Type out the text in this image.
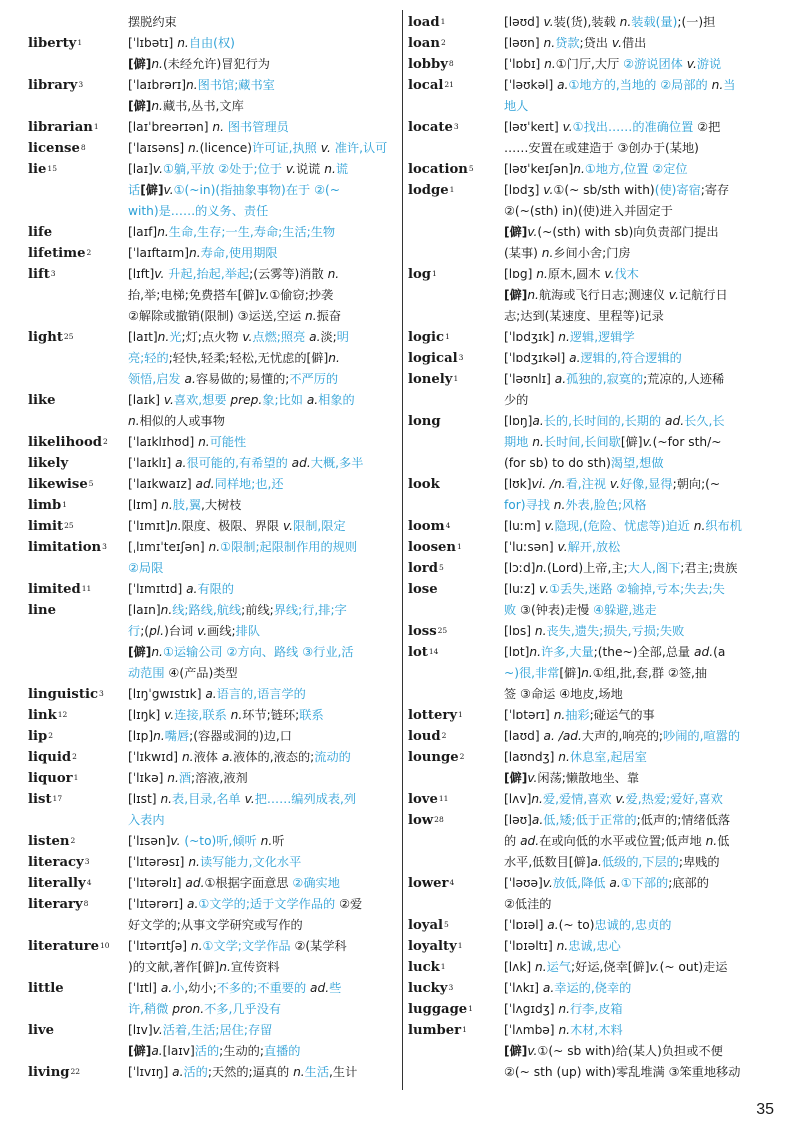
摆脱约束

liberty$^1$	[ˈlɪbətɪ] n.自由(权)

[僻]n.(未经允许)冒犯行为

library$^3$	[ˈlaɪbrərɪ]n.图书馆;藏书室

[僻]n.藏书,丛书,文库

librarian$^1$	[laɪˈbreərɪən] n. 图书管理员

license$^8$	[ˈlaɪsəns] n.(licence)许可证,执照 v. 准许,认可

lie$^{15}$	[laɪ]v.①躺,平放 ②处于;位于 v.说谎 n.谎

话[僻]v.①(~in)(指抽象事物)在于 ②(~

with)是……的义务、责任

life	[laɪf]n.生命,生存;一生,寿命;生活;生物

lifetime$^2$	[ˈlaɪftaɪm]n.寿命,使用期限

lift$^3$	[lɪft]v. 升起,抬起,举起;(云雾等)消散 n.

抬,举;电梯;免费搭车[僻]v.①偷窃;抄袭

②解除或撤销(限制) ③运送,空运 n.振奋

light$^{25}$	[laɪt]n.光;灯;点火物 v.点燃;照亮 a.淡;明

亮;轻的;轻快,轻柔;轻松,无忧虑的[僻]n.

领悟,启发 a.容易做的;易懂的;不严厉的

like	[laɪk] v.喜欢,想要 prep.象;比如 a.相象的

n.相似的人或事物

likelihood$^2$	[ˈlaɪklɪhʊd] n.可能性

likely	[ˈlaɪklɪ] a.很可能的,有希望的 ad.大概,多半

likewise$^5$	[ˈlaɪkwaɪz] ad.同样地;也,还

limb$^1$	[lɪm] n.肢,翼,大树枝

limit$^{25}$	[ˈlɪmɪt]n.限度、极限、界限 v.限制,限定

limitation$^3$	[ˌlɪmɪˈteɪʃən] n.①限制;起限制作用的规则

②局限

limited$^{11}$	[ˈlɪmɪtɪd] a.有限的

line	[laɪn]n.线;路线,航线;前线;界线;行,排;字

行;(pl.)台词 v.画线;排队

[僻]n.①运输公司 ②方向、路线 ③行业,活

动范围 ④(产品)类型

linguistic$^3$	[lɪŋˈgwɪstɪk] a.语言的,语言学的

link$^{12}$	[lɪŋk] v.连接,联系 n.环节;链环;联系

lip$^2$	[lɪp]n.嘴唇;(容器或洞的)边,口

liquid$^2$	[ˈlɪkwɪd] n.液体 a.液体的,液态的;流动的

liquor$^1$	[ˈlɪkə] n.酒;溶液,液剂

list$^{17}$	[lɪst] n.表,目录,名单 v.把……编列成表,列

入表内

listen$^2$	[ˈlɪsən]v. (~to)听,倾听 n.听

literacy$^3$	[ˈlɪtərəsɪ] n.读写能力,文化水平

literally$^4$	[ˈlɪtərəlɪ] ad.①根据字面意思 ②确实地

literary$^8$	[ˈlɪtərərɪ] a.①文学的;适于文学作品的 ②爱

好文学的;从事文学研究或写作的

literature$^{10}$	[ˈlɪtərɪtʃə] n.①文学;文学作品 ②(某学科

)的文献,著作[僻]n.宣传资料

little	[ˈlɪtl] a.小,幼小;不多的;不重要的 ad.些

许,稍微 pron.不多,几乎没有

live	[lɪv]v.活着,生活;居住;存留

[僻]a.[laɪv]活的;生动的;直播的

living$^{22}$	[ˈlɪvɪŋ] a.活的;天然的;逼真的 n.生活,生计

load$^1$	[ləʊd] v.装(货),装载 n.装载(量);(一)担

loan$^2$	[ləʊn] n.贷款;贷出 v.借出

lobby$^8$	[ˈlɒbɪ] n.①门厅,大厅 ②游说团体 v.游说

local$^{21}$	[ˈləʊkəl] a.①地方的,当地的 ②局部的 n.当

地人

locate$^3$	[ləʊˈkeɪt] v.①找出……的准确位置 ②把

……安置在或建造于 ③创办于(某地)

location$^5$	[ləʊˈkeɪʃən]n.①地方,位置 ②定位

lodge$^1$	[lɒdʒ] v.①(~ sb/sth with)(使)寄宿;寄存

②(~(sth) in)(使)进入并固定于

[僻]v.(~(sth) with sb)向负责部门提出

(某事) n.乡间小舍;门房

$\log^1$	[lɒg] n.原木,圆木 v.伐木

[僻]n.航海或飞行日志;测速仪 v.记航行日

志;达到(某速度、里程等)记录

logic$^1$	[ˈlɒdʒɪk] n.逻辑,逻辑学

logical$^3$	[ˈlɒdʒɪkəl] a.逻辑的,符合逻辑的

lonely$^1$	[ˈləʊnlɪ] a.孤独的,寂寞的;荒凉的,人迹稀

少的

long	[lɒŋ]a.长的,长时间的,长期的 ad.长久,长

期地 n.长时间,长间歇[僻]v.(~for sth/~

(for sb) to do sth)渴望,想做

look	[lʊk]vi. /n.看,注视 v.好像,显得;朝向;(~

for)寻找 n.外表,脸色;风格

loom$^4$	[luːm] v.隐现,(危险、忧虑等)迫近 n.织布机

loosen$^1$	[ˈluːsən] v.解开,放松

lord$^5$	[lɔːd]n.(Lord)上帝,主;大人,阁下;君主;贵族

lose	[luːz] v.①丢失,迷路 ②输掉,亏本;失去;失

败 ③(钟表)走慢 ④躲避,逃走

loss$^{25}$	[lɒs] n.丧失,遗失;损失,亏损;失败

lot$^{14}$	[lɒt]n.许多,大量;(the~)全部,总量 ad.(a

~)很,非常[僻]n.①组,批,套,群 ②签,抽

签 ③命运 ④地皮,场地

lottery$^1$	[ˈlɒtərɪ] n.抽彩;碰运气的事

loud$^2$	[laʊd] a. /ad.大声的,响亮的;吵闹的,喧嚣的

lounge$^2$	[laʊndʒ] n.休息室,起居室

[僻]v.闲荡;懒散地坐、靠

love$^{11}$	[lʌv]n.爱,爱情,喜欢 v.爱,热爱;爱好,喜欢

low$^{28}$	[ləʊ]a.低,矮;低于正常的;低声的;情绪低落

的 ad.在或向低的水平或位置;低声地 n.低

水平,低数目[僻]a.低级的,下层的;卑贱的

lower$^4$	[ˈləʊə]v.放低,降低 a.①下部的;底部的

②低洼的

loyal$^5$	[ˈlɒɪəl] a.(~ to)忠诚的,忠贞的

loyalty$^1$	[ˈlɒɪəltɪ] n.忠诚,忠心

luck$^1$	[lʌk] n.运气;好运,侥幸[僻]v.(~ out)走运

lucky$^3$	[ˈlʌkɪ] a.幸运的,侥幸的

luggage$^1$	[ˈlʌgɪdʒ] n.行李,皮箱

lumber$^1$	[ˈlʌmbə] n.木材,木料

[僻]v.①(~ sb with)给(某人)负担或不便

②(~ sth (up) with)零乱堆满 ③笨重地移动

35
